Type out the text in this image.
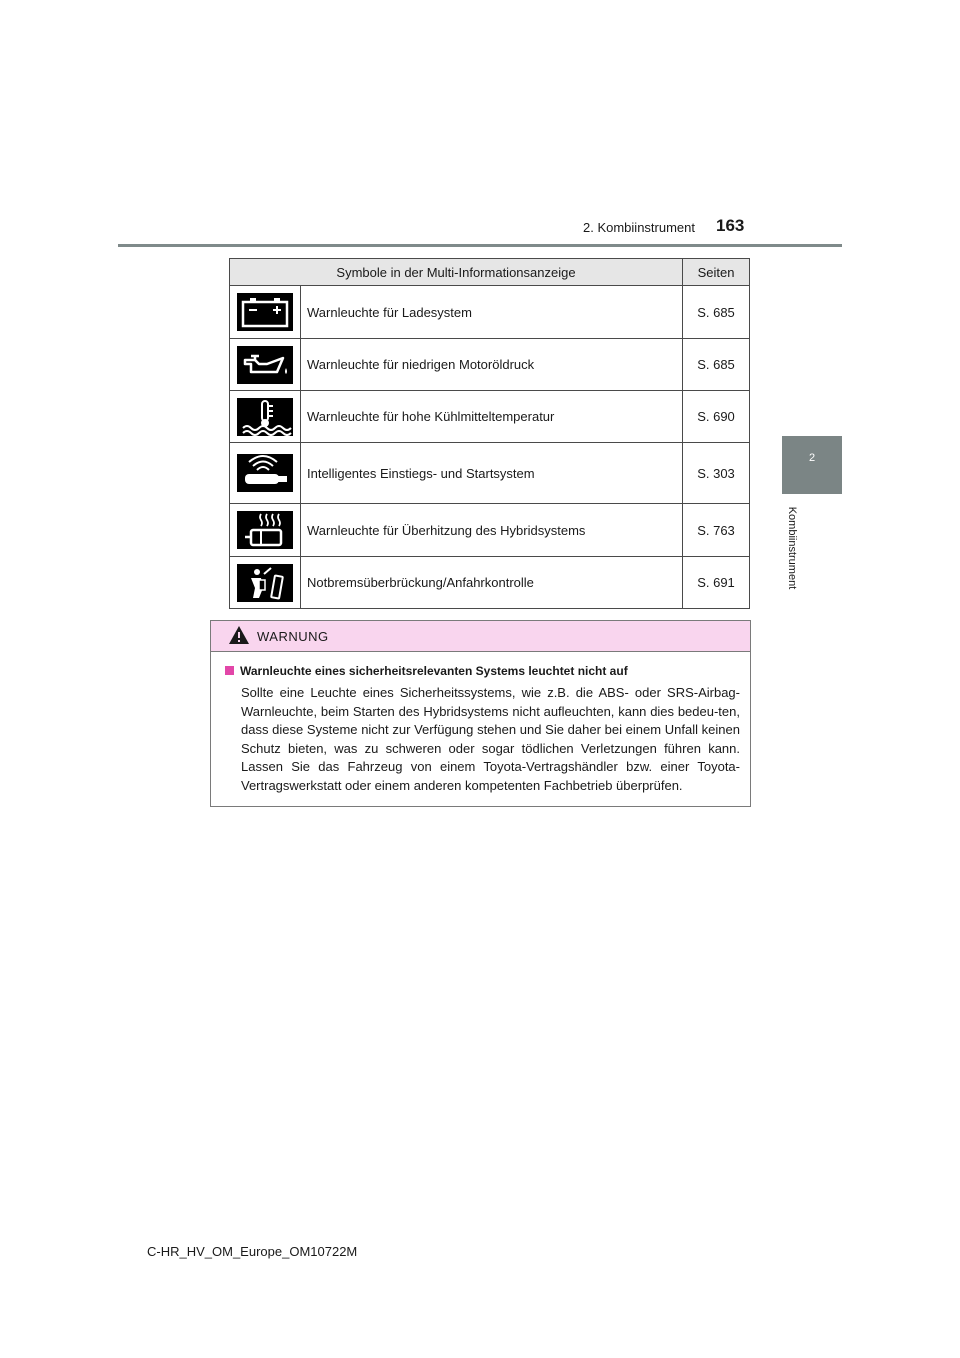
2. Kombiinstrument 163
2
Kombiinstrument
Symbole in der Multi-Informationsanzeige		Seiten

	Warnleuchte für Ladesystem	S. 685

	Warnleuchte für niedrigen Motoröldruck	S. 685

	Warnleuchte für hohe Kühlmitteltemperatur	S. 690

	Intelligentes Einstiegs- und Startsystem	S. 303

	Warnleuchte für Überhitzung des Hybridsystems	S. 763

	Notbremsüberbrückung/Anfahrkontrolle	S. 691
WARNUNG
Warnleuchte eines sicherheitsrelevanten Systems leuchtet nicht auf
Sollte eine Leuchte eines Sicherheitssystems, wie z.B. die ABS- oder SRS-Airbag-Warnleuchte, beim Starten des Hybridsystems nicht aufleuchten, kann dies bedeu-ten, dass diese Systeme nicht zur Verfügung stehen und Sie daher bei einem Unfall keinen Schutz bieten, was zu schweren oder sogar tödlichen Verletzungen führen kann. Lassen Sie das Fahrzeug von einem Toyota-Vertragshändler bzw. einer Toyota-Vertragswerkstatt oder einem anderen kompetenten Fachbetrieb überprüfen.
C-HR_HV_OM_Europe_OM10722M
